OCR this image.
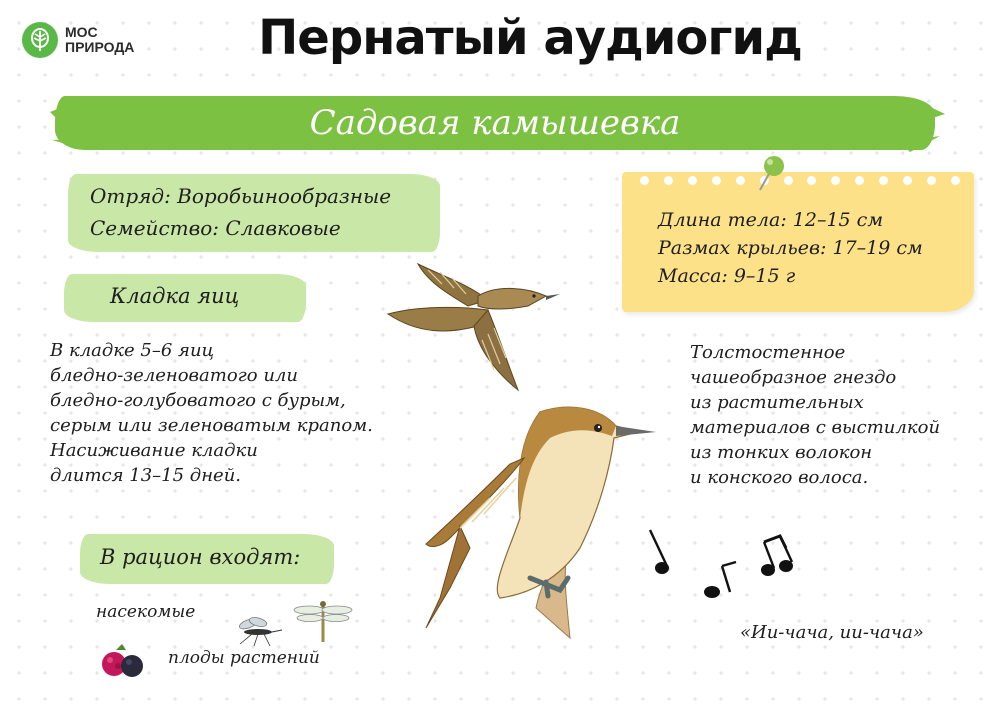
МОС
ПРИРОДА	Пернатый аудиогид
Садовая камышевка
Отряд: Воробьинообразные
Семейство: Славковые
Кладка яиц
В кладке 5–6 яиц
бледно-зеленоватого или
бледно-голубоватого с бурым,
серым или зеленоватым крапом.
Насиживание кладки
длится 13–15 дней.
В рацион входят:
насекомые
плоды растений
Длина тела: 12–15 см
Размах крыльев: 17–19 см
Масса: 9–15 г
Толстостенное
чашеобразное гнездо
из растительных
материалов с выстилкой
из тонких волокон
и конского волоса.
«Ии-чача, ии-чача»
